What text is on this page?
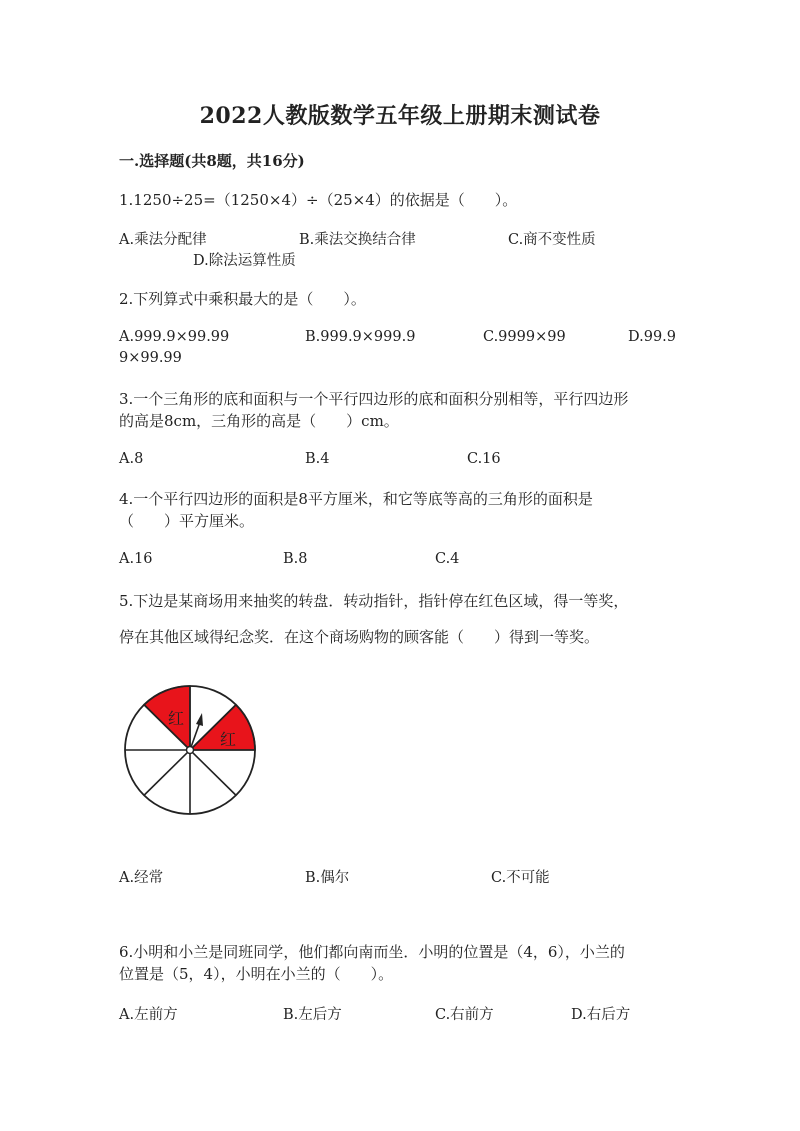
2022人教版数学五年级上册期末测试卷
一.选择题(共8题，共16分)
1.1250÷25=（1250×4）÷（25×4）的依据是（　　）。
A.乘法分配律	B.乘法交换结合律	C.商不变性质
D.除法运算性质
2.下列算式中乘积最大的是（　　）。
A.999.9×99.99	B.999.9×999.9	C.9999×99	D.99.9
9×99.99
3.一个三角形的底和面积与一个平行四边形的底和面积分别相等，平行四边形
的高是8cm，三角形的高是（　　）cm。
A.8	B.4	C.16
4.一个平行四边形的面积是8平方厘米，和它等底等高的三角形的面积是
（　　）平方厘米。
A.16	B.8	C.4
5.下边是某商场用来抽奖的转盘．转动指针，指针停在红色区域，得一等奖，
停在其他区域得纪念奖．在这个商场购物的顾客能（　　）得到一等奖。
红
红
A.经常	B.偶尔	C.不可能
6.小明和小兰是同班同学，他们都向南而坐．小明的位置是（4，6），小兰的
位置是（5，4），小明在小兰的（　　）。
A.左前方	B.左后方	C.右前方	D.右后方
